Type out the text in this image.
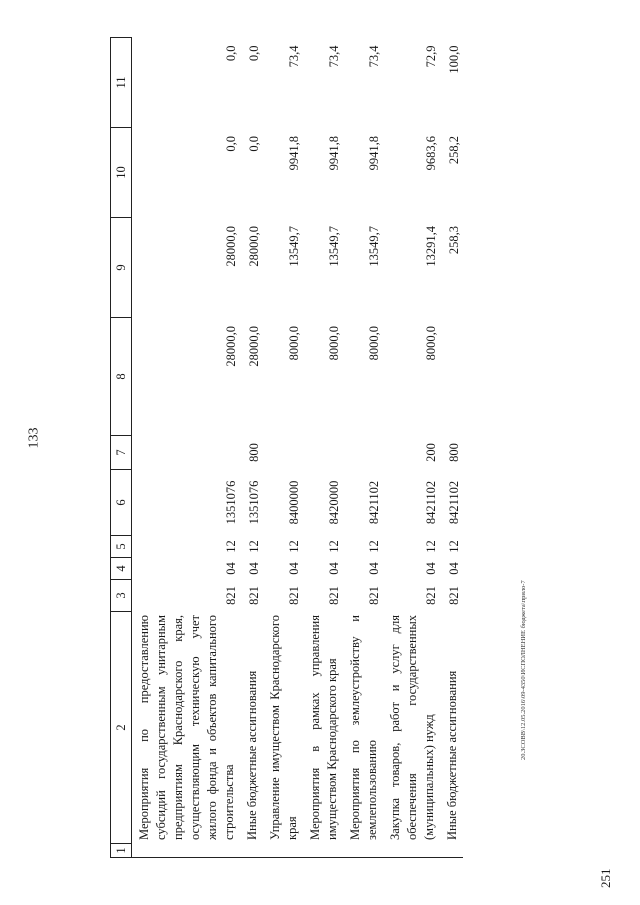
133
1	2	3	4	5	6	7	8	9	10	11
	Мероприятия по предоставлению субсидий государственным унитарным предприятиям Краснодарского края, осуществляющим техническую учет жилого фонда и объектов капитального строительства	821	04	12	1351076		28000,0	28000,0	0,0	0,0
	Иные бюджетные ассигнования	821	04	12	1351076	800	28000,0	28000,0	0,0	0,0
	Управление имуществом Краснодарского края	821	04	12	8400000		8000,0	13549,7	9941,8	73,4
	Мероприятия в рамках управления имуществом Краснодарского края	821	04	12	8420000		8000,0	13549,7	9941,8	73,4
	Мероприятия по землеустройству и землепользованию	821	04	12	8421102		8000,0	13549,7	9941,8	73,4
	Закупка товаров, работ и услуг для обеспечения государственных (муниципальных) нужд	821	04	12	8421102	200	8000,0	13291,4	9683,6	72,9
	Иные бюджетные ассигнования	821	04	12	8421102	800		258,3	258,2	100,0
20.ЗСОВВ\12.05.2016\09-4350\ИСПОЛНЕНИЕ бюджета\прило-7
251
